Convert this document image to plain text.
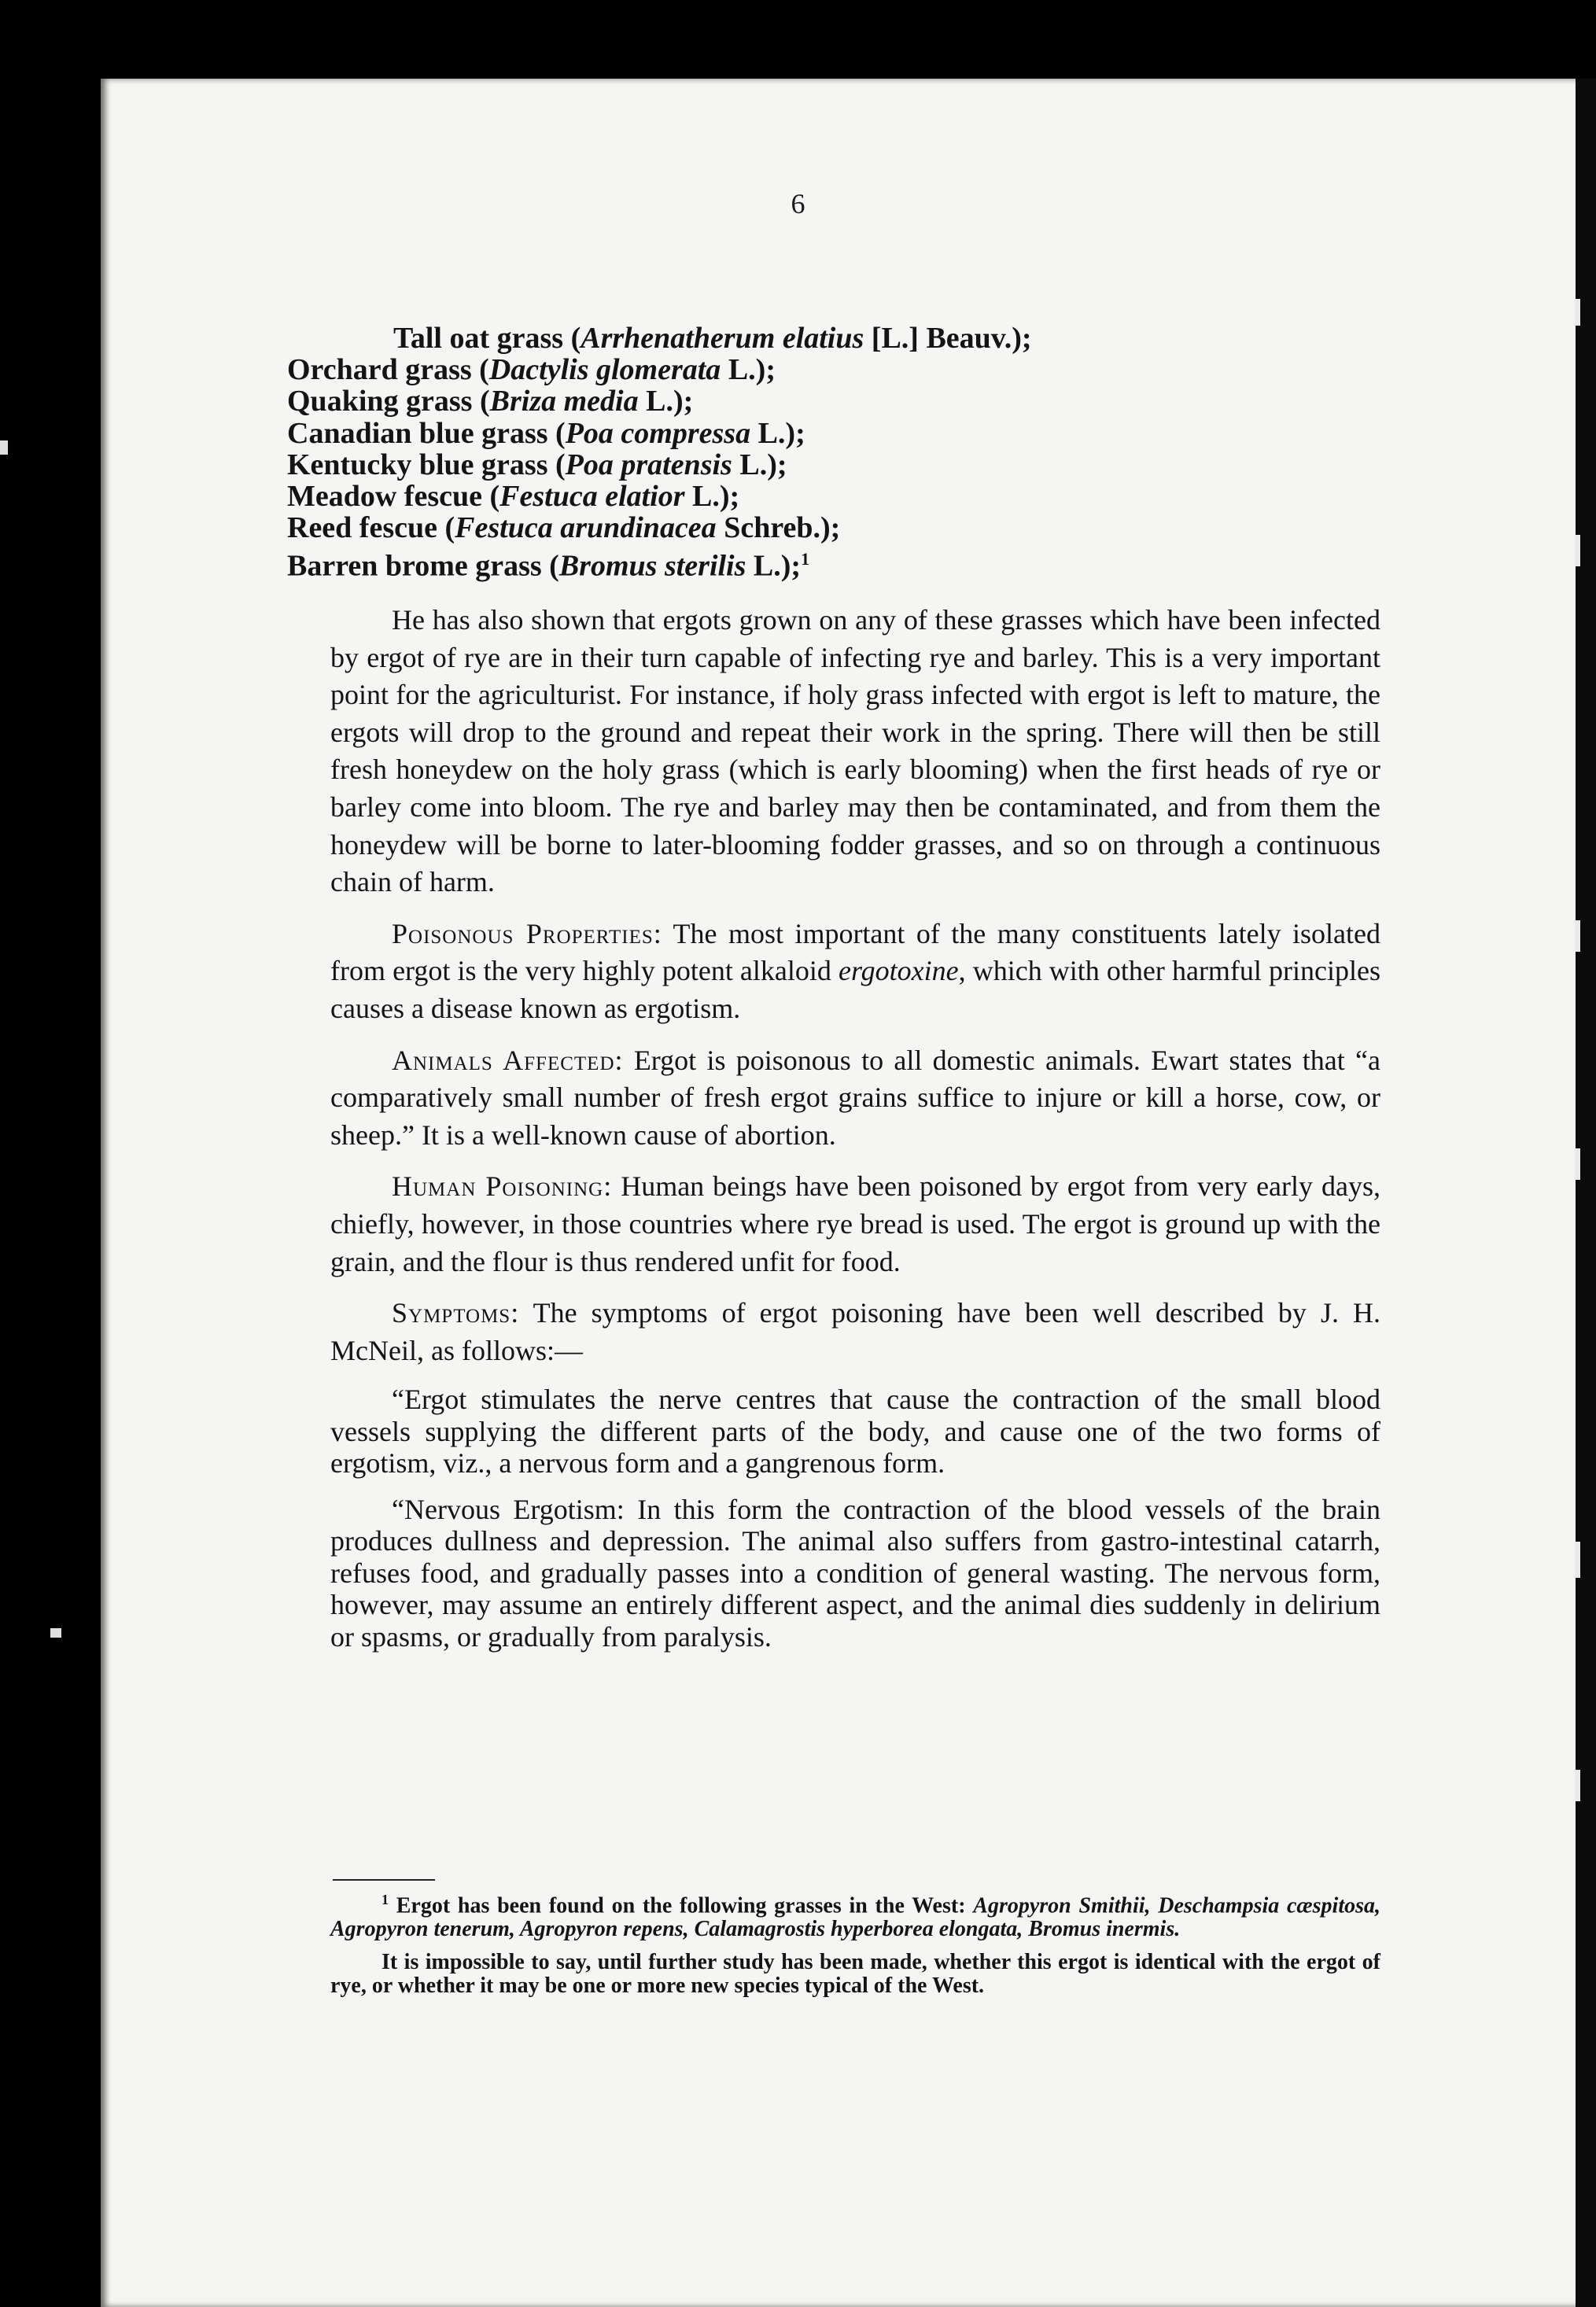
6
Tall oat grass (Arrhenatherum elatius [L.] Beauv.);
Orchard grass (Dactylis glomerata L.);
Quaking grass (Briza media L.);
Canadian blue grass (Poa compressa L.);
Kentucky blue grass (Poa pratensis L.);
Meadow fescue (Festuca elatior L.);
Reed fescue (Festuca arundinacea Schreb.);
Barren brome grass (Bromus sterilis L.);$^1$

He has also shown that ergots grown on any of these grasses which have been infected by ergot of rye are in their turn capable of infecting rye and barley. This is a very important point for the agriculturist. For instance, if holy grass infected with ergot is left to mature, the ergots will drop to the ground and repeat their work in the spring. There will then be still fresh honeydew on the holy grass (which is early blooming) when the first heads of rye or barley come into bloom. The rye and barley may then be contaminated, and from them the honeydew will be borne to later-blooming fodder grasses, and so on through a continuous chain of harm.

Poisonous Properties: The most important of the many constituents lately isolated from ergot is the very highly potent alkaloid ergotoxine, which with other harmful principles causes a disease known as ergotism.

Animals Affected: Ergot is poisonous to all domestic animals. Ewart states that “a comparatively small number of fresh ergot grains suffice to injure or kill a horse, cow, or sheep.” It is a well-known cause of abortion.

Human Poisoning: Human beings have been poisoned by ergot from very early days, chiefly, however, in those countries where rye bread is used. The ergot is ground up with the grain, and the flour is thus rendered unfit for food.

Symptoms: The symptoms of ergot poisoning have been well described by J. H. McNeil, as follows:—

“Ergot stimulates the nerve centres that cause the contraction of the small blood vessels supplying the different parts of the body, and cause one of the two forms of ergotism, viz., a nervous form and a gangrenous form.

“Nervous Ergotism: In this form the contraction of the blood vessels of the brain produces dullness and depression. The animal also suffers from gastro-intestinal catarrh, refuses food, and gradually passes into a condition of general wasting. The nervous form, however, may assume an entirely different aspect, and the animal dies suddenly in delirium or spasms, or gradually from paralysis.

$^1$ Ergot has been found on the following grasses in the West: Agropyron Smithii, Deschampsia cæspitosa, Agropyron tenerum, Agropyron repens, Calamagrostis hyperborea elongata, Bromus inermis.

It is impossible to say, until further study has been made, whether this ergot is identical with the ergot of rye, or whether it may be one or more new species typical of the West.
